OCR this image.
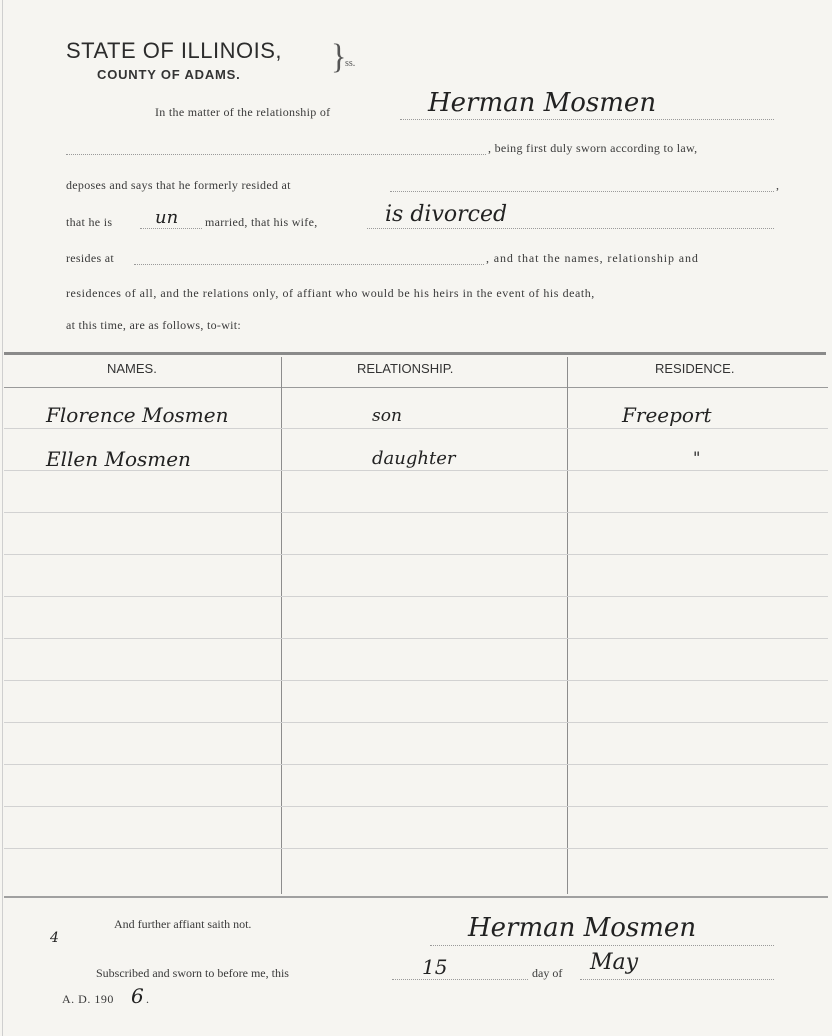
STATE OF ILLINOIS,
COUNTY OF ADAMS.	}
ss.
In the matter of the relationship of	Herman Mosmen
, being first duly sworn according to law,
deposes and says that he formerly resided at	,
that he is un married, that his wife,	is divorced
resides at	, and that the names, relationship and
residences of all, and the relations only, of affiant who would be his heirs in the event of his death,
at this time, are as follows, to-wit:
NAMES.	RELATIONSHIP.	RESIDENCE.
Florence Mosmen	son	Freeport
Ellen Mosmen	daughter	"
And further affiant saith not.
4	Herman Mosmen
Subscribed and sworn to before me, this	15	day of May
A. D. 190 6 .
